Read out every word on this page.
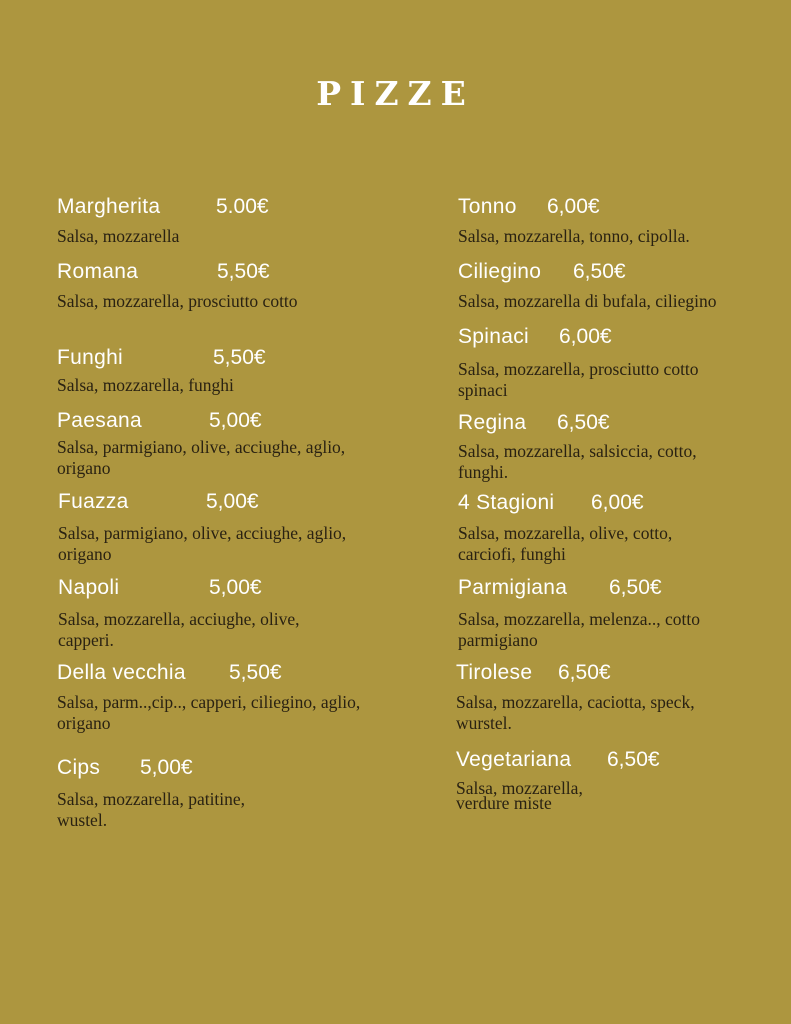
PIZZE
Margherita	5.00€
Salsa, mozzarella
Romana	5,50€
Salsa, mozzarella, prosciutto cotto
Funghi	5,50€
Salsa, mozzarella, funghi
Paesana	5,00€
Salsa, parmigiano, olive, acciughe, aglio, origano
Fuazza	5,00€
Salsa, parmigiano, olive, acciughe, aglio, origano
Napoli	5,00€
Salsa, mozzarella, acciughe, olive, capperi.
Della vecchia 5,50€
Salsa, parm..,cip.., capperi, ciliegino, aglio, origano
Cips 5,00€
Salsa, mozzarella, patitine, wustel.
Tonno 6,00€
Salsa, mozzarella, tonno, cipolla.
Ciliegino 6,50€
Salsa, mozzarella di bufala, ciliegino
Spinaci 6,00€
Salsa, mozzarella, prosciutto cotto spinaci
Regina 6,50€
Salsa, mozzarella, salsiccia, cotto, funghi.
4 Stagioni 6,00€
Salsa, mozzarella, olive, cotto, carciofi, funghi
Parmigiana 6,50€
Salsa, mozzarella, melenza.., cotto parmigiano
Tirolese 6,50€
Salsa, mozzarella, caciotta, speck, wurstel.
Vegetariana 6,50€
Salsa, mozzarella, verdure miste
